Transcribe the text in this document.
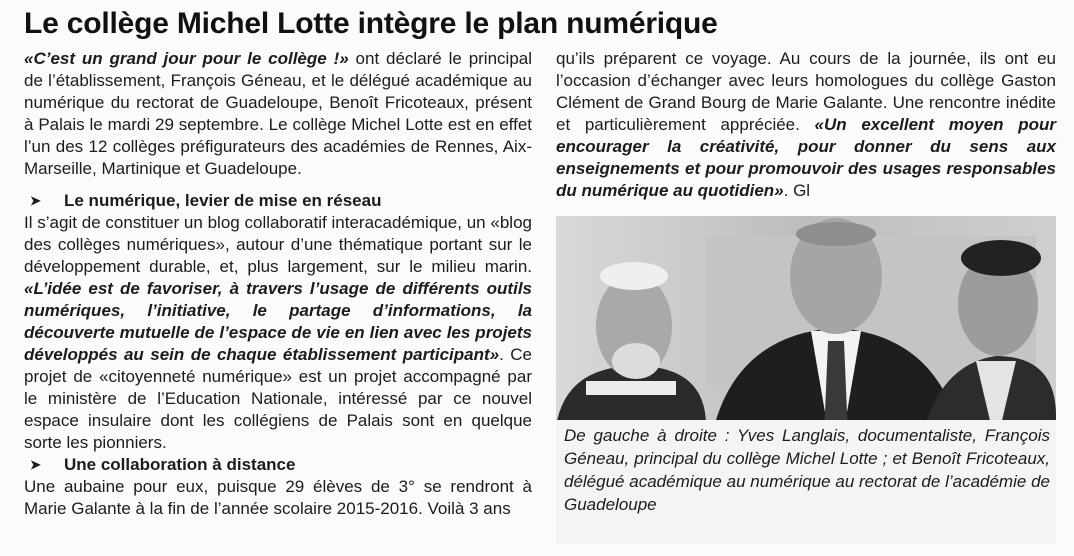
Le collège Michel Lotte intègre le plan numérique

«C’est un grand jour pour le collège !» ont déclaré le principal de l’établissement, François Géneau, et le délégué académique au numérique du rectorat de Guadeloupe, Benoît Fricoteaux, présent à Palais le mardi 29 septembre. Le collège Michel Lotte est en effet l’un des 12 collèges préfigurateurs des académies de Rennes, Aix-Marseille, Martinique et Guadeloupe.

➤	Le numérique, levier de mise en réseau

Il s’agit de constituer un blog collaboratif interacadémique, un «blog des collèges numériques», autour d’une thématique portant sur le développement durable, et, plus largement, sur le milieu marin. «L’idée est de favoriser, à travers l’usage de différents outils numériques, l’initiative, le partage d’informations, la découverte mutuelle de l’espace de vie en lien avec les projets développés au sein de chaque établissement participant». Ce projet de «citoyenneté numérique» est un projet accompagné par le ministère de l’Education Nationale, intéressé par ce nouvel espace insulaire dont les collégiens de Palais sont en quelque sorte les pionniers.

➤	Une collaboration à distance

Une aubaine pour eux, puisque 29 élèves de 3° se rendront à Marie Galante à la fin de l’année scolaire 2015-2016. Voilà 3 ans

qu’ils préparent ce voyage. Au cours de la journée, ils ont eu l’occasion d’échanger avec leurs homologues du collège Gaston Clément de Grand Bourg de Marie Galante. Une rencontre inédite et particulièrement appréciée. «Un excellent moyen pour encourager la créativité, pour donner du sens aux enseignements et pour promouvoir des usages responsables du numérique au quotidien». Gl

De gauche à droite : Yves Langlais, documentaliste, François Géneau, principal du collège Michel Lotte ; et Benoît Fricoteaux, délégué académique au numérique au rectorat de l’académie de Guadeloupe
